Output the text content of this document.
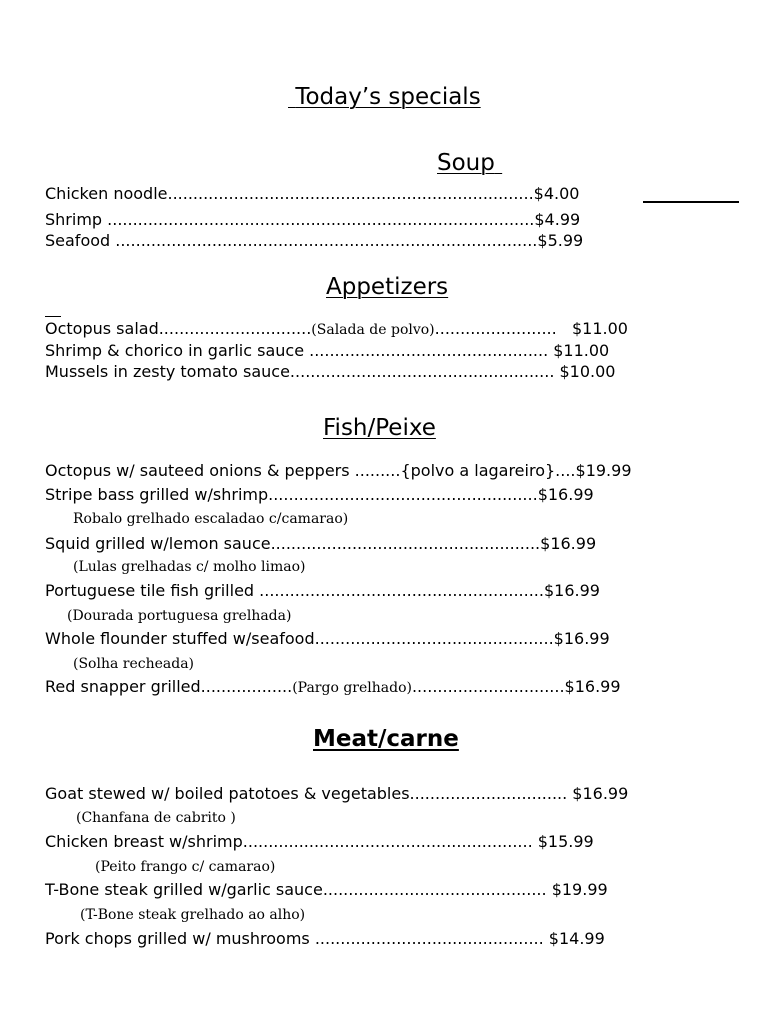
Today’s specials
Soup
Chicken noodle........................................................................$4.00
Shrimp ....................................................................................$4.99
Seafood ...................................................................................$5.99
Appetizers
Octopus salad..............................(Salada de polvo)........................ $11.00
Shrimp & chorico in garlic sauce ............................................... $11.00
Mussels in zesty tomato sauce.................................................... $10.00
Fish/Peixe
Octopus w/ sauteed onions & peppers .........{polvo a lagareiro}....$19.99
Stripe bass grilled w/shrimp.....................................................$16.99
Robalo grelhado escaladao c/camarao)
Squid grilled w/lemon sauce.....................................................$16.99
(Lulas grelhadas c/ molho limao)
Portuguese tile fish grilled ........................................................$16.99
(Dourada portuguesa grelhada)
Whole flounder stuffed w/seafood...............................................$16.99
(Solha recheada)
Red snapper grilled..................(Pargo grelhado)..............................$16.99
Meat/carne
Goat stewed w/ boiled patotoes & vegetables............................... $16.99
(Chanfana de cabrito )
Chicken breast w/shrimp......................................................... $15.99
(Peito frango c/ camarao)
T-Bone steak grilled w/garlic sauce............................................ $19.99
(T-Bone steak grelhado ao alho)
Pork chops grilled w/ mushrooms ............................................. $14.99
